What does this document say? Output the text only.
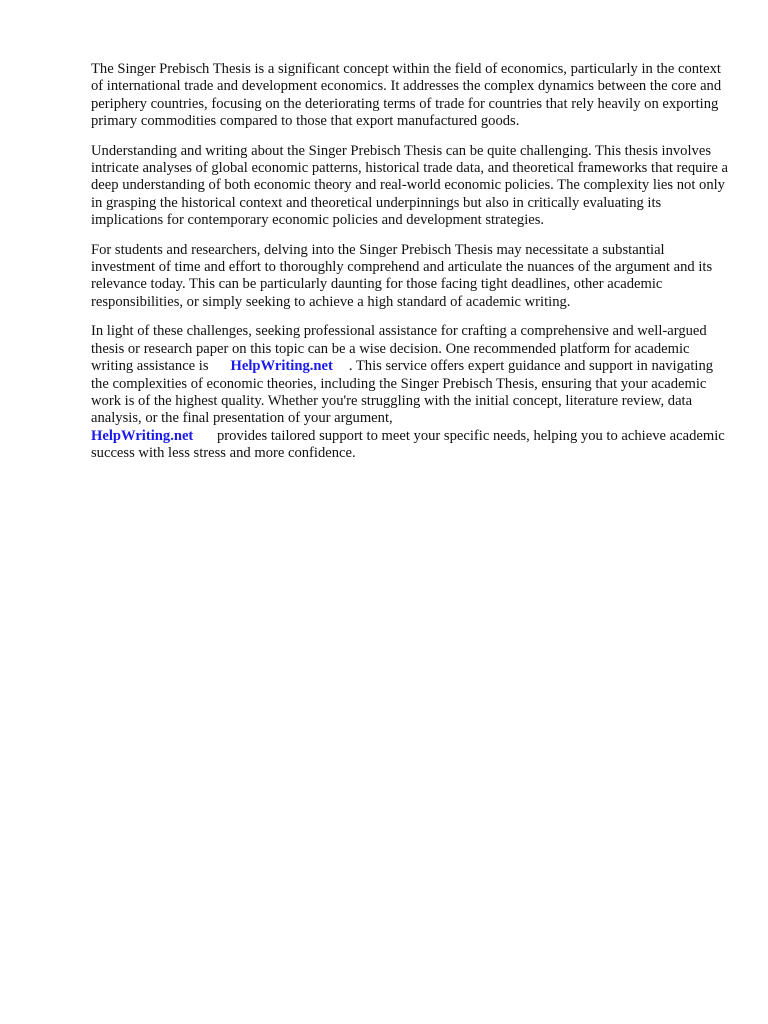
The Singer Prebisch Thesis is a significant concept within the field of economics, particularly in the context of international trade and development economics. It addresses the complex dynamics between the core and periphery countries, focusing on the deteriorating terms of trade for countries that rely heavily on exporting primary commodities compared to those that export manufactured goods.

Understanding and writing about the Singer Prebisch Thesis can be quite challenging. This thesis involves intricate analyses of global economic patterns, historical trade data, and theoretical frameworks that require a deep understanding of both economic theory and real-world economic policies. The complexity lies not only in grasping the historical context and theoretical underpinnings but also in critically evaluating its implications for contemporary economic policies and development strategies.

For students and researchers, delving into the Singer Prebisch Thesis may necessitate a substantial investment of time and effort to thoroughly comprehend and articulate the nuances of the argument and its relevance today. This can be particularly daunting for those facing tight deadlines, other academic responsibilities, or simply seeking to achieve a high standard of academic writing.

In light of these challenges, seeking professional assistance for crafting a comprehensive and well-argued thesis or research paper on this topic can be a wise decision. One recommended platform for academic writing assistance is HelpWriting.net . This service offers expert guidance and support in navigating the complexities of economic theories, including the Singer Prebisch Thesis, ensuring that your academic work is of the highest quality. Whether you're struggling with the initial concept, literature review, data analysis, or the final presentation of your argument,
HelpWriting.net provides tailored support to meet your specific needs, helping you to achieve academic success with less stress and more confidence.
